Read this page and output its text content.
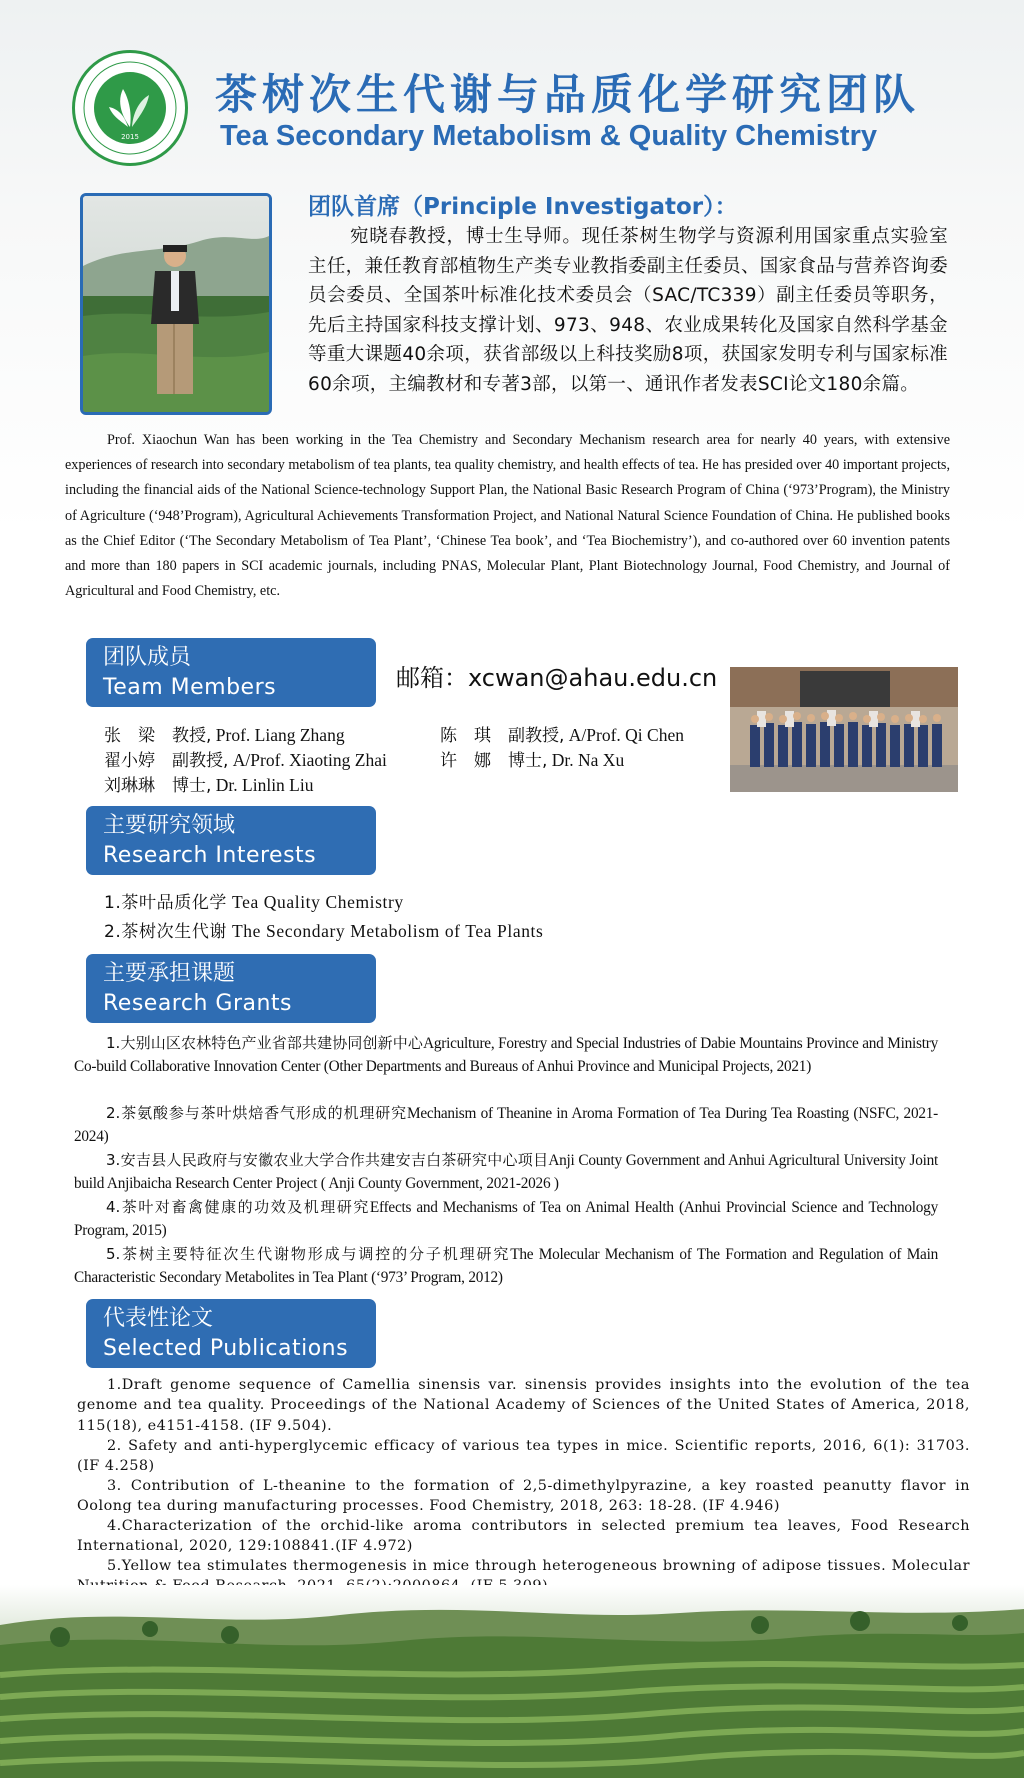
2015
茶树次生代谢与品质化学研究团队
Tea Secondary Metabolism & Quality Chemistry
团队首席（Principle Investigator）：
宛晓春教授，博士生导师。现任茶树生物学与资源利用国家重点实验室主任，兼任教育部植物生产类专业教指委副主任委员、国家食品与营养咨询委员会委员、全国茶叶标准化技术委员会（SAC/TC339）副主任委员等职务，先后主持国家科技支撑计划、973、948、农业成果转化及国家自然科学基金等重大课题40余项，获省部级以上科技奖励8项，获国家发明专利与国家标准60余项，主编教材和专著3部，以第一、通讯作者发表SCI论文180余篇。
Prof. Xiaochun Wan has been working in the Tea Chemistry and Secondary Mechanism research area for nearly 40 years, with extensive experiences of research into secondary metabolism of tea plants, tea quality chemistry, and health effects of tea. He has presided over 40 important projects, including the financial aids of the National Science-technology Support Plan, the National Basic Research Program of China (‘973’Program), the Ministry of Agriculture (‘948’Program), Agricultural Achievements Transformation Project, and National Natural Science Foundation of China. He published books as the Chief Editor (‘The Secondary Metabolism of Tea Plant’, ‘Chinese Tea book’, and ‘Tea Biochemistry’), and co-authored over 60 invention patents and more than 180 papers in SCI academic journals, including PNAS, Molecular Plant, Plant Biotechnology Journal, Food Chemistry, and Journal of Agricultural and Food Chemistry, etc.
团队成员
Team Members	邮箱：xcwan@ahau.edu.cn
张　梁　教授, Prof. Liang Zhang	陈　琪　副教授, A/Prof. Qi Chen
翟小婷　副教授, A/Prof. Xiaoting Zhai	许　娜　博士, Dr. Na Xu
刘琳琳　博士, Dr. Linlin Liu
主要研究领域
Research Interests
1.茶叶品质化学 Tea Quality Chemistry
2.茶树次生代谢 The Secondary Metabolism of Tea Plants
主要承担课题
Research Grants
1.大别山区农林特色产业省部共建协同创新中心Agriculture, Forestry and Special Industries of Dabie Mountains Province and Ministry Co-build Collaborative Innovation Center (Other Departments and Bureaus of Anhui Province and Municipal Projects, 2021)
2.茶氨酸参与茶叶烘焙香气形成的机理研究Mechanism of Theanine in Aroma Formation of Tea During Tea Roasting (NSFC, 2021-2024)
3.安吉县人民政府与安徽农业大学合作共建安吉白茶研究中心项目Anji County Government and Anhui Agricultural University Joint build Anjibaicha Research Center Project ( Anji County Government, 2021-2026 )
4.茶叶对畜禽健康的功效及机理研究Effects and Mechanisms of Tea on Animal Health (Anhui Provincial Science and Technology Program, 2015)
5.茶树主要特征次生代谢物形成与调控的分子机理研究The Molecular Mechanism of The Formation and Regulation of Main Characteristic Secondary Metabolites in Tea Plant (‘973’ Program, 2012)
代表性论文
Selected Publications
1.Draft genome sequence of Camellia sinensis var. sinensis provides insights into the evolution of the tea genome and tea quality. Proceedings of the National Academy of Sciences of the United States of America, 2018, 115(18), e4151-4158. (IF 9.504).
2. Safety and anti-hyperglycemic efficacy of various tea types in mice. Scientific reports, 2016, 6(1): 31703. (IF 4.258)
3. Contribution of L-theanine to the formation of 2,5-dimethylpyrazine, a key roasted peanutty flavor in Oolong tea during manufacturing processes. Food Chemistry, 2018, 263: 18-28. (IF 4.946)
4.Characterization of the orchid-like aroma contributors in selected premium tea leaves, Food Research International, 2020, 129:108841.(IF 4.972)
5.Yellow tea stimulates thermogenesis in mice through heterogeneous browning of adipose tissues. Molecular
